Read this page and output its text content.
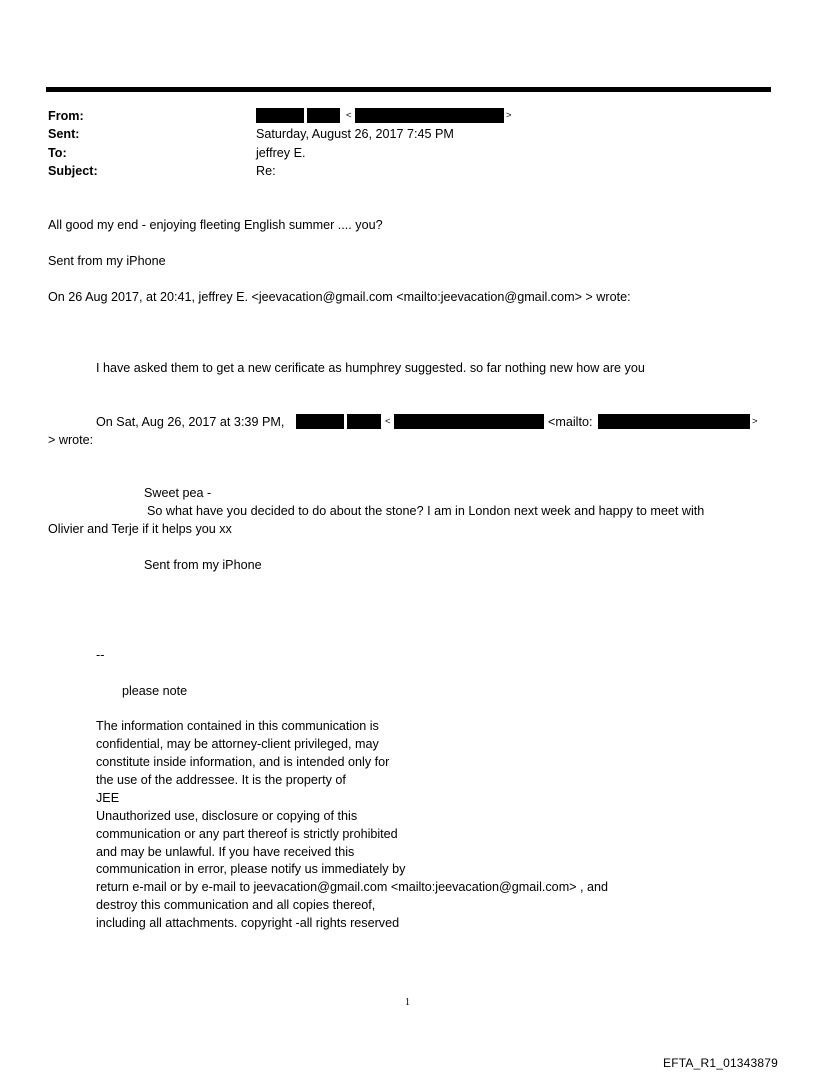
From:	<	>
Sent:	Saturday, August 26, 2017 7:45 PM
To:	jeffrey E.
Subject:	Re:
All good my end - enjoying fleeting English summer .... you?
Sent from my iPhone
On 26 Aug 2017, at 20:41, jeffrey E. <jeevacation@gmail.com <mailto:jeevacation@gmail.com> > wrote:
I have asked them to get a new cerificate as humphrey suggested. so far nothing new how are you
On Sat, Aug 26, 2017 at 3:39 PM,	<	<mailto:	>
> wrote:
Sweet pea -
So what have you decided to do about the stone? I am in London next week and happy to meet with
Olivier and Terje if it helps you xx
Sent from my iPhone
--
please note
The information contained in this communication is
confidential, may be attorney-client privileged, may
constitute inside information, and is intended only for
the use of the addressee. It is the property of
JEE
Unauthorized use, disclosure or copying of this
communication or any part thereof is strictly prohibited
and may be unlawful. If you have received this
communication in error, please notify us immediately by
return e-mail or by e-mail to jeevacation@gmail.com <mailto:jeevacation@gmail.com> , and
destroy this communication and all copies thereof,
including all attachments. copyright -all rights reserved
1
EFTA_R1_01343879
